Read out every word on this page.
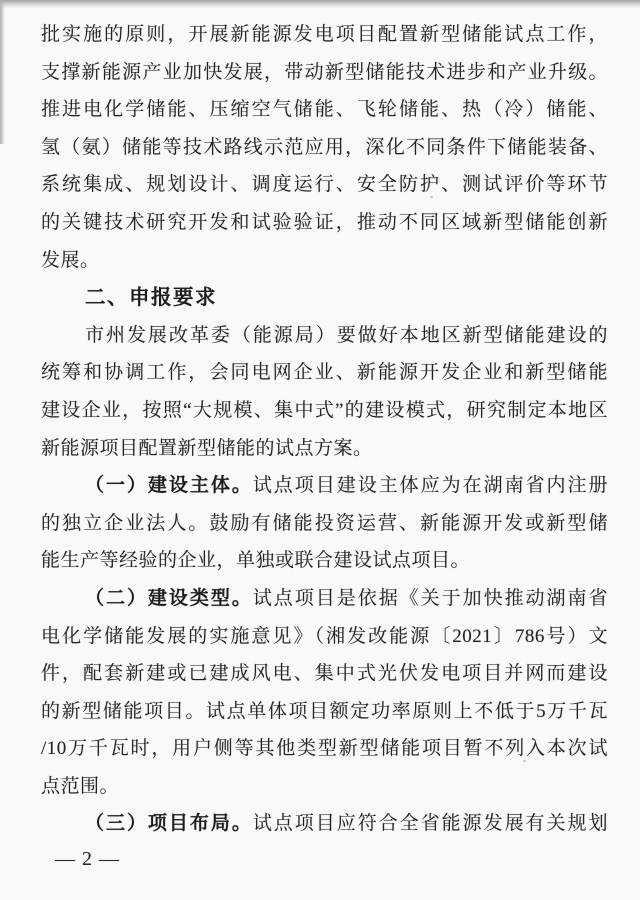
批实施的原则，开展新能源发电项目配置新型储能试点工作，
支撑新能源产业加快发展，带动新型储能技术进步和产业升级。
推进电化学储能、压缩空气储能、飞轮储能、热（冷）储能、
氢（氨）储能等技术路线示范应用，深化不同条件下储能装备、
系统集成、规划设计、调度运行、安全防护、测试评价等环节
的关键技术研究开发和试验验证，推动不同区域新型储能创新
发展。
二、申报要求
市州发展改革委（能源局）要做好本地区新型储能建设的
统筹和协调工作，会同电网企业、新能源开发企业和新型储能
建设企业，按照“大规模、集中式”的建设模式，研究制定本地区
新能源项目配置新型储能的试点方案。
（一）建设主体。试点项目建设主体应为在湖南省内注册
的独立企业法人。鼓励有储能投资运营、新能源开发或新型储
能生产等经验的企业，单独或联合建设试点项目。
（二）建设类型。试点项目是依据《关于加快推动湖南省
电化学储能发展的实施意见》（湘发改能源〔2021〕786号）文
件，配套新建或已建成风电、集中式光伏发电项目并网而建设
的新型储能项目。试点单体项目额定功率原则上不低于5万千瓦
/10万千瓦时，用户侧等其他类型新型储能项目暂不列入本次试
点范围。
（三）项目布局。试点项目应符合全省能源发展有关规划
— 2 —
